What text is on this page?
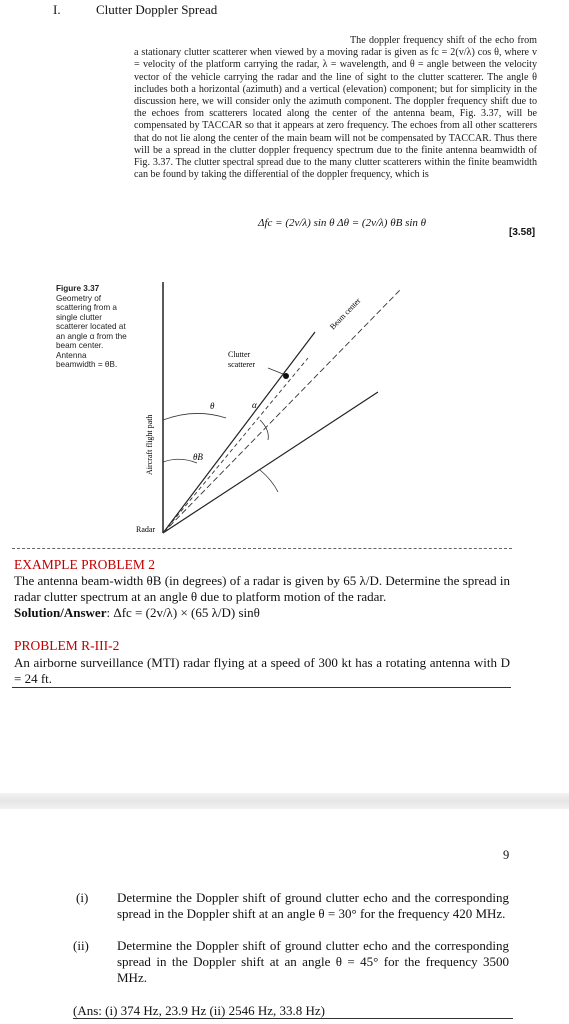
I.	Clutter Doppler Spread

The doppler frequency shift of the echo from a stationary clutter scatterer when viewed by a moving radar is given as fc = 2(v/λ) cos θ, where v = velocity of the platform carrying the radar, λ = wavelength, and θ = angle between the velocity vector of the vehicle carrying the radar and the line of sight to the clutter scatterer. The angle θ includes both a horizontal (azimuth) and a vertical (elevation) component; but for simplicity in the discussion here, we will consider only the azimuth component. The doppler frequency shift due to the echoes from scatterers located along the center of the antenna beam, Fig. 3.37, will be compensated by TACCAR so that it appears at zero frequency. The echoes from all other scatterers that do not lie along the center of the main beam will not be compensated by TACCAR. Thus there will be a spread in the clutter doppler frequency spectrum due to the finite antenna beamwidth of Fig. 3.37. The clutter spectral spread due to the many clutter scatterers within the finite beamwidth can be found by taking the differential of the doppler frequency, which is

Δfc = (2v/λ) sin θ Δθ = (2v/λ) θB sin θ
[3.58]
Figure 3.37
Geometry of scattering from a single clutter scatterer located at an angle α from the beam center. Antenna beamwidth = θB.
Beam center
Clutter
scatterer
θ	α
θB
Aircraft flight path
Radar
EXAMPLE PROBLEM 2

The antenna beam-width θB (in degrees) of a radar is given by 65 λ/D. Determine the spread in radar clutter spectrum at an angle θ due to platform motion of the radar.
Solution/Answer: Δfc = (2v/λ) × (65 λ/D) sinθ

PROBLEM R-III-2

An airborne surveillance (MTI) radar flying at a speed of 300 kt has a rotating antenna with D = 24 ft.

9
(i) Determine the Doppler shift of ground clutter echo and the corresponding spread in the Doppler shift at an angle θ = 30° for the frequency 420 MHz.

(ii) Determine the Doppler shift of ground clutter echo and the corresponding spread in the Doppler shift at an angle θ = 45° for the frequency 3500 MHz.

(Ans: (i) 374 Hz, 23.9 Hz (ii) 2546 Hz, 33.8 Hz)
